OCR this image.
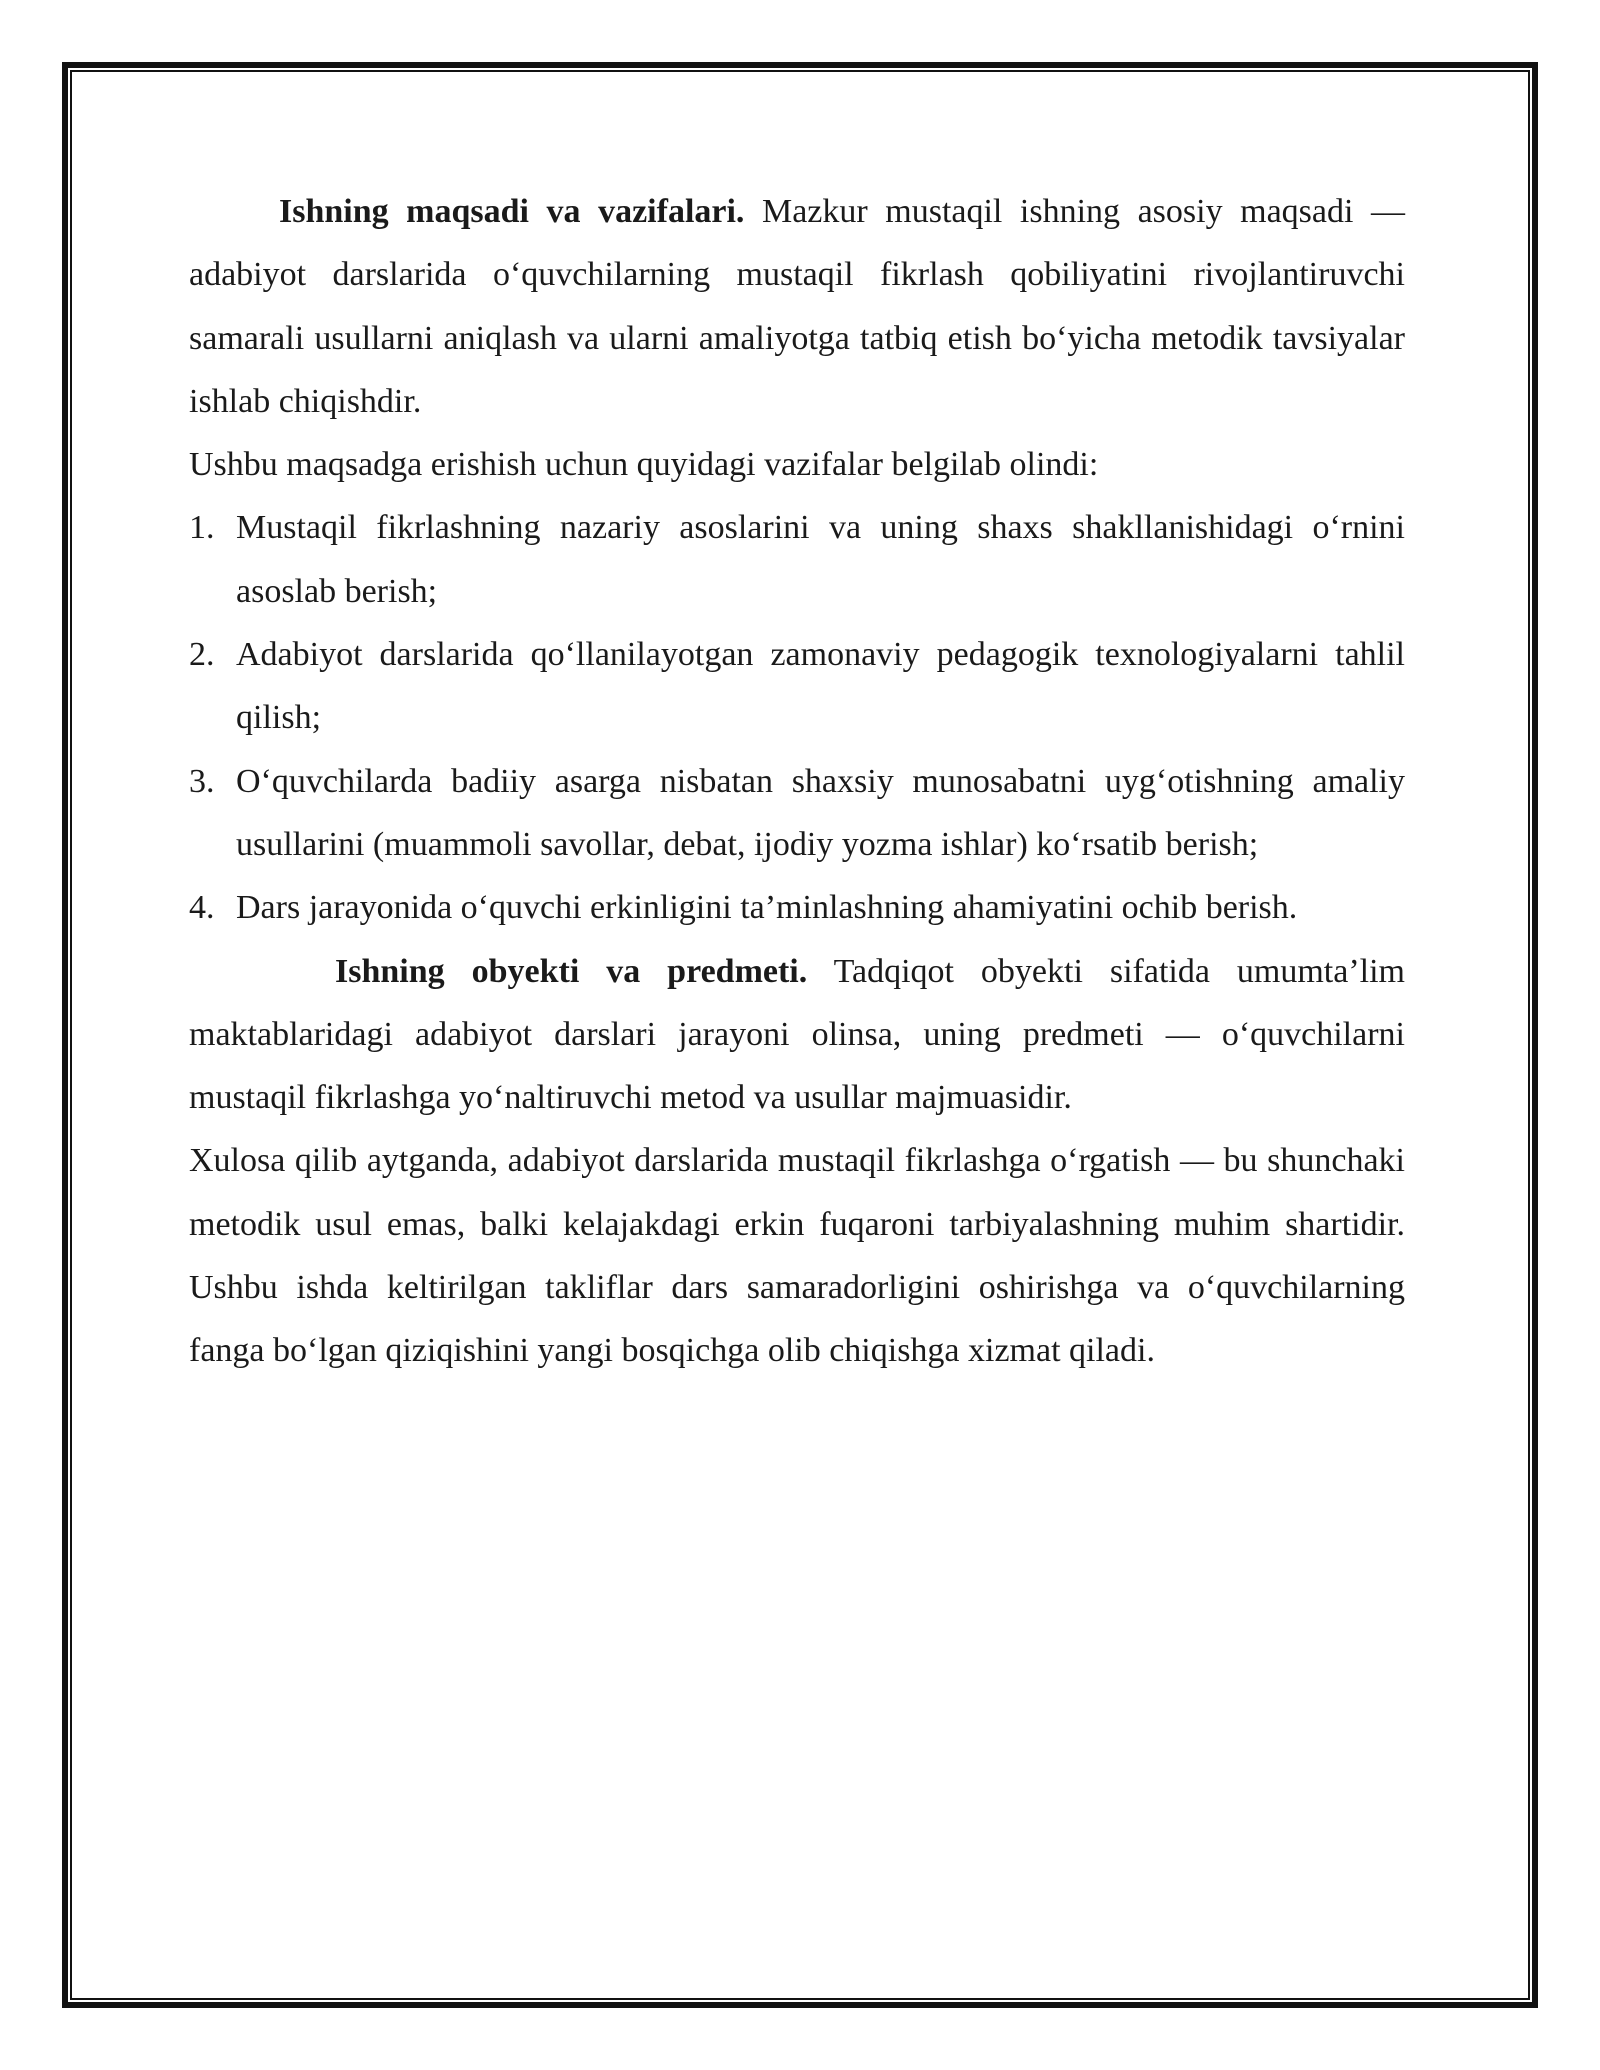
Ishning maqsadi va vazifalari. Mazkur mustaqil ishning asosiy maqsadi — adabiyot darslarida o‘quvchilarning mustaqil fikrlash qobiliyatini rivojlantiruvchi samarali usullarni aniqlash va ularni amaliyotga tatbiq etish bo‘yicha metodik tavsiyalar ishlab chiqishdir.

Ushbu maqsadga erishish uchun quyidagi vazifalar belgilab olindi:

1. Mustaqil fikrlashning nazariy asoslarini va uning shaxs shakllanishidagi o‘rnini asoslab berish;
2. Adabiyot darslarida qo‘llanilayotgan zamonaviy pedagogik texnologiyalarni tahlil qilish;
3. O‘quvchilarda badiiy asarga nisbatan shaxsiy munosabatni uyg‘otishning amaliy usullarini (muammoli savollar, debat, ijodiy yozma ishlar) ko‘rsatib berish;
4. Dars jarayonida o‘quvchi erkinligini ta’minlashning ahamiyatini ochib berish.

Ishning obyekti va predmeti. Tadqiqot obyekti sifatida umumta’lim maktablaridagi adabiyot darslari jarayoni olinsa, uning predmeti — o‘quvchilarni mustaqil fikrlashga yo‘naltiruvchi metod va usullar majmuasidir.

Xulosa qilib aytganda, adabiyot darslarida mustaqil fikrlashga o‘rgatish — bu shunchaki metodik usul emas, balki kelajakdagi erkin fuqaroni tarbiyalashning muhim shartidir. Ushbu ishda keltirilgan takliflar dars samaradorligini oshirishga va o‘quvchilarning fanga bo‘lgan qiziqishini yangi bosqichga olib chiqishga xizmat qiladi.
